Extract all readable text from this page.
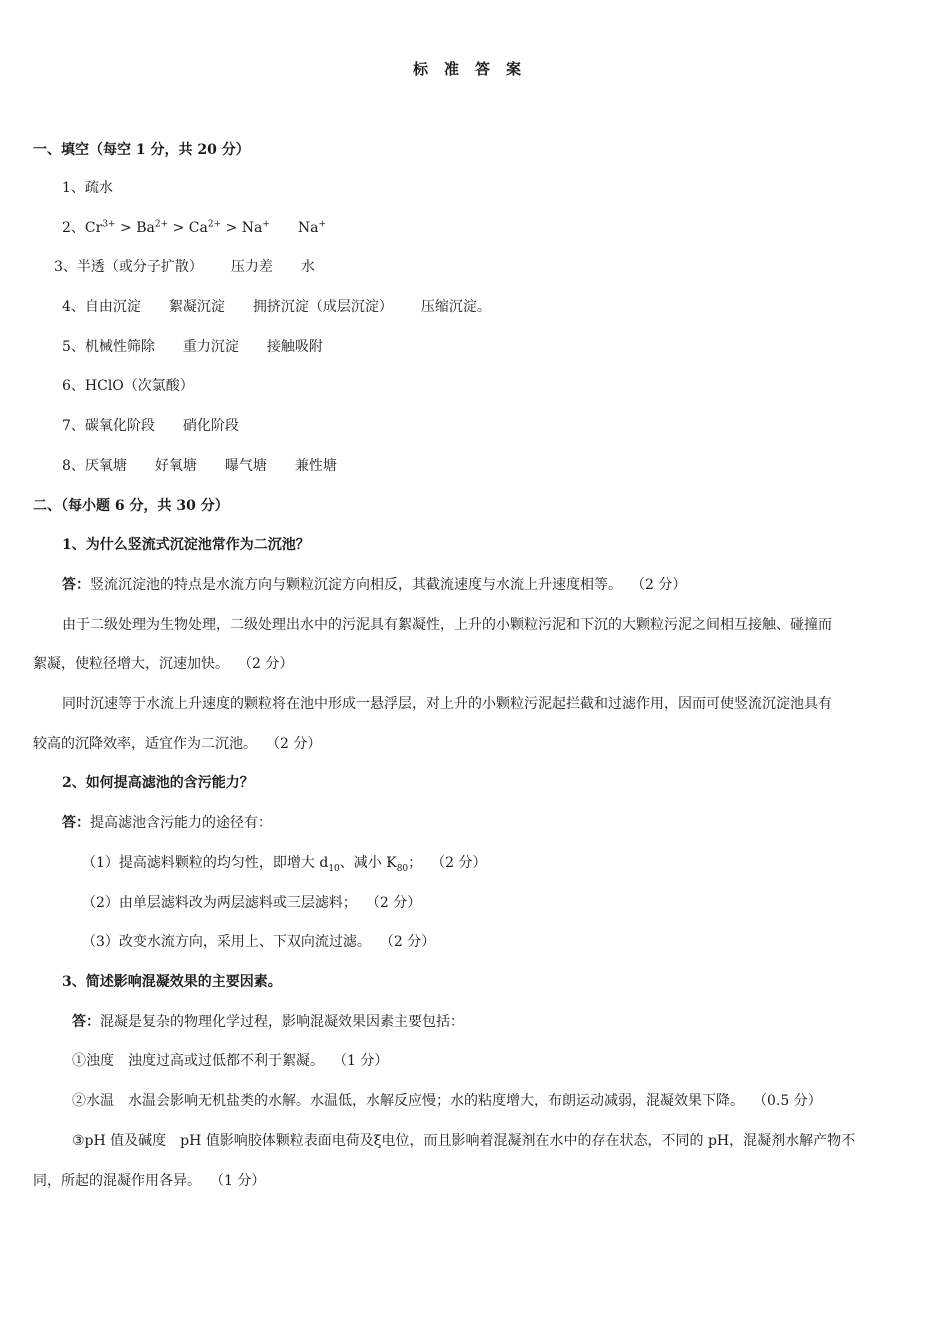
标准答案
一、填空（每空 1 分，共 20 分）
1、疏水
2、$Cr^{3+} > Ba^{2+} > Ca^{2+} > Na^+$ Na+
3、半透（或分子扩散） 压力差 水
4、自由沉淀 絮凝沉淀 拥挤沉淀（成层沉淀） 压缩沉淀。
5、机械性筛除 重力沉淀 接触吸附
6、HClO（次氯酸）
7、碳氧化阶段 硝化阶段
8、厌氧塘 好氧塘 曝气塘 兼性塘
二、（每小题 6 分，共 30 分）
1、为什么竖流式沉淀池常作为二沉池？
答：竖流沉淀池的特点是水流方向与颗粒沉淀方向相反，其截流速度与水流上升速度相等。 （2 分）
由于二级处理为生物处理，二级处理出水中的污泥具有絮凝性，上升的小颗粒污泥和下沉的大颗粒污泥之间相互接触、碰撞而
絮凝，使粒径增大，沉速加快。 （2 分）
同时沉速等于水流上升速度的颗粒将在池中形成一悬浮层，对上升的小颗粒污泥起拦截和过滤作用，因而可使竖流沉淀池具有
较高的沉降效率，适宜作为二沉池。 （2 分）
2、如何提高滤池的含污能力？
答：提高滤池含污能力的途径有：
（1）提高滤料颗粒的均匀性，即增大 $d_{10}$、减小 $K_{80}$； （2 分）
（2）由单层滤料改为两层滤料或三层滤料； （2 分）
（3）改变水流方向，采用上、下双向流过滤。 （2 分）
3、简述影响混凝效果的主要因素。
答：混凝是复杂的物理化学过程，影响混凝效果因素主要包括：
①浊度 浊度过高或过低都不利于絮凝。 （1 分）
②水温 水温会影响无机盐类的水解。水温低，水解反应慢；水的粘度增大，布朗运动减弱，混凝效果下降。 （0.5 分）
③pH 值及碱度 pH 值影响胶体颗粒表面电荷及ξ电位，而且影响着混凝剂在水中的存在状态，不同的 pH，混凝剂水解产物不
同，所起的混凝作用各异。 （1 分）
